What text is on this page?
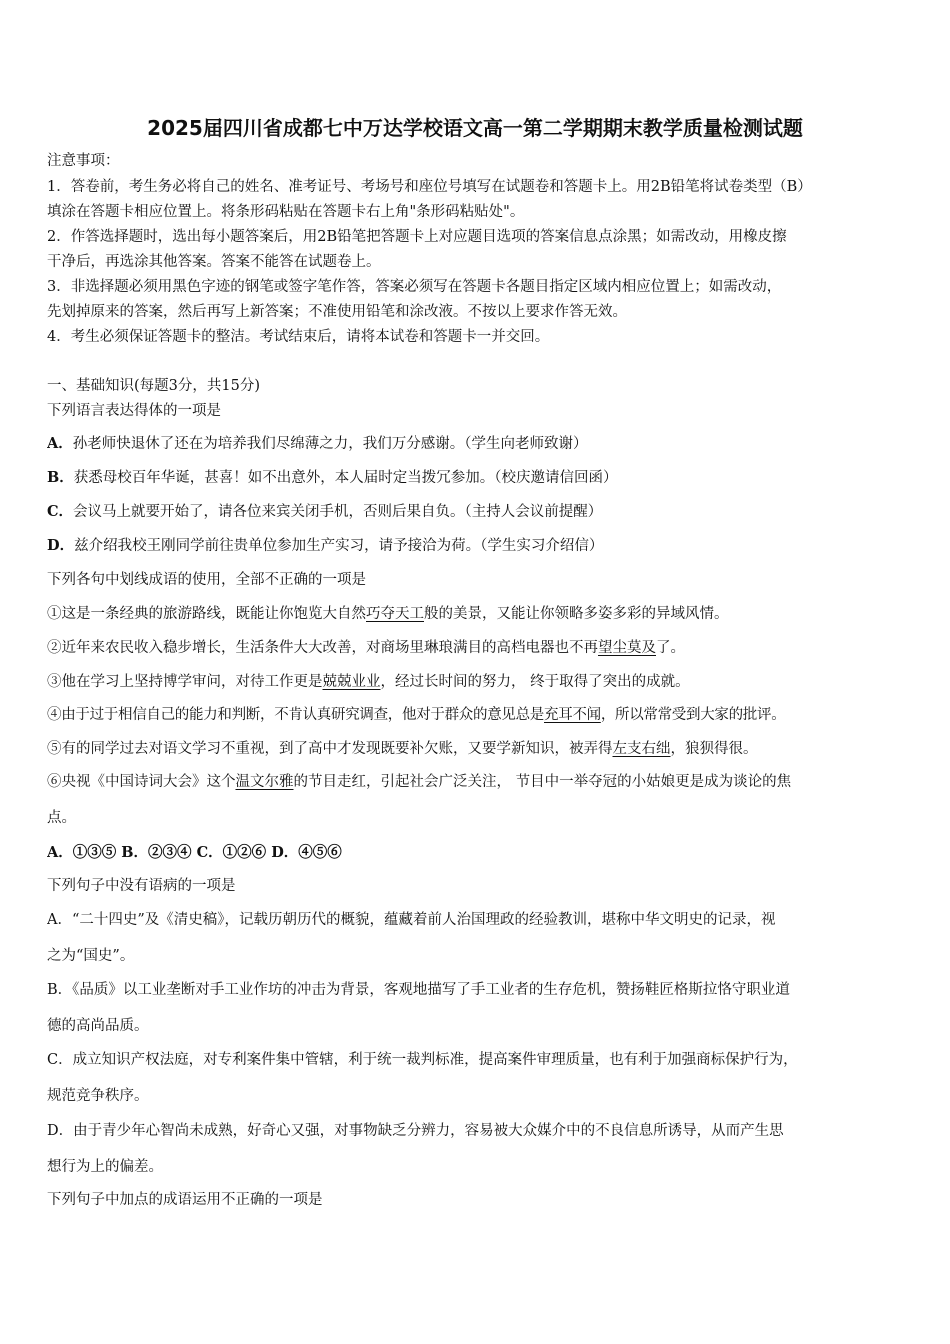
2025届四川省成都七中万达学校语文高一第二学期期末教学质量检测试题
注意事项：
1．答卷前，考生务必将自己的姓名、准考证号、考场号和座位号填写在试题卷和答题卡上。用2B铅笔将试卷类型（B）
填涂在答题卡相应位置上。将条形码粘贴在答题卡右上角"条形码粘贴处"。
2．作答选择题时，选出每小题答案后，用2B铅笔把答题卡上对应题目选项的答案信息点涂黑；如需改动，用橡皮擦
干净后，再选涂其他答案。答案不能答在试题卷上。
3．非选择题必须用黑色字迹的钢笔或签字笔作答，答案必须写在答题卡各题目指定区域内相应位置上；如需改动，
先划掉原来的答案，然后再写上新答案；不准使用铅笔和涂改液。不按以上要求作答无效。
4．考生必须保证答题卡的整洁。考试结束后，请将本试卷和答题卡一并交回。
一、基础知识(每题3分，共15分)
下列语言表达得体的一项是
A．孙老师快退休了还在为培养我们尽绵薄之力，我们万分感谢。（学生向老师致谢）
B．获悉母校百年华诞，甚喜！如不出意外，本人届时定当拨冗参加。（校庆邀请信回函）
C．会议马上就要开始了，请各位来宾关闭手机，否则后果自负。（主持人会议前提醒）
D．兹介绍我校王刚同学前往贵单位参加生产实习，请予接洽为荷。（学生实习介绍信）
下列各句中划线成语的使用，全部不正确的一项是
①这是一条经典的旅游路线，既能让你饱览大自然巧夺天工般的美景，又能让你领略多姿多彩的异域风情。
②近年来农民收入稳步增长，生活条件大大改善，对商场里琳琅满目的高档电器也不再望尘莫及了。
③他在学习上坚持博学审问，对待工作更是兢兢业业，经过长时间的努力， 终于取得了突出的成就。
④由于过于相信自己的能力和判断，不肯认真研究调查，他对于群众的意见总是充耳不闻，所以常常受到大家的批评。
⑤有的同学过去对语文学习不重视，到了高中才发现既要补欠账，又要学新知识，被弄得左支右绌，狼狈得很。
⑥央视《中国诗词大会》这个温文尔雅的节目走红，引起社会广泛关注， 节目中一举夺冠的小姑娘更是成为谈论的焦
点。
A．①③⑤ B．②③④ C．①②⑥ D．④⑤⑥
下列句子中没有语病的一项是
A．“二十四史”及《清史稿》，记载历朝历代的概貌，蕴藏着前人治国理政的经验教训，堪称中华文明史的记录，视
之为“国史”。
B．《品质》以工业垄断对手工业作坊的冲击为背景，客观地描写了手工业者的生存危机，赞扬鞋匠格斯拉恪守职业道
德的高尚品质。
C．成立知识产权法庭，对专利案件集中管辖，利于统一裁判标准，提高案件审理质量，也有利于加强商标保护行为，
规范竞争秩序。
D．由于青少年心智尚未成熟，好奇心又强，对事物缺乏分辨力，容易被大众媒介中的不良信息所诱导，从而产生思
想行为上的偏差。
下列句子中加点的成语运用不正确的一项是
